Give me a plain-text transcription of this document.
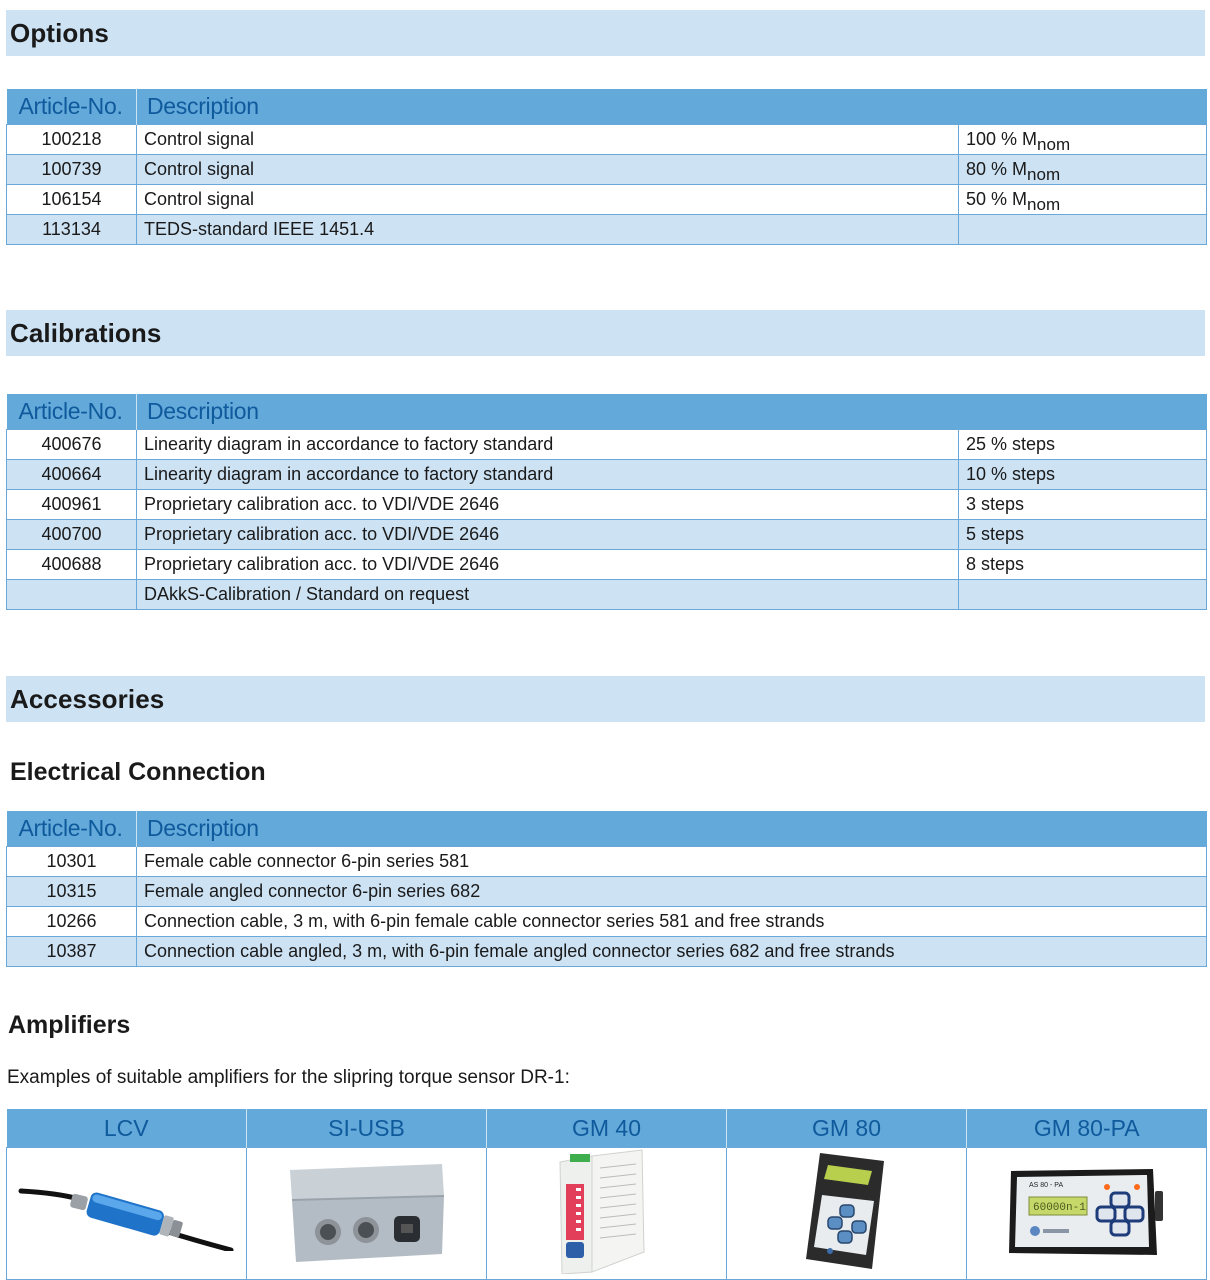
Options
Article-No.	Description	
100218	Control signal	100 % $M_{nom}$
100739	Control signal	80 % $M_{nom}$
106154	Control signal	50 % $M_{nom}$
113134	TEDS-standard IEEE 1451.4	
Calibrations
Article-No.	Description	
400676	Linearity diagram in accordance to factory standard	25 % steps
400664	Linearity diagram in accordance to factory standard	10 % steps
400961	Proprietary calibration acc. to VDI/VDE 2646	3 steps
400700	Proprietary calibration acc. to VDI/VDE 2646	5 steps
400688	Proprietary calibration acc. to VDI/VDE 2646	8 steps
	DAkkS-Calibration / Standard on request	
Accessories
Electrical Connection
Article-No.	Description
10301	Female cable connector 6-pin series 581
10315	Female angled connector 6-pin series 682
10266	Connection cable, 3 m, with 6-pin female cable connector series 581 and free strands
10387	Connection cable angled, 3 m, with 6-pin female angled connector series 682 and free strands
Amplifiers
Examples of suitable amplifiers for the slipring torque sensor DR-1:
LCV	SI-USB	GM 40	GM 80	GM 80-PA

AS 80 - PA
60000n-1
